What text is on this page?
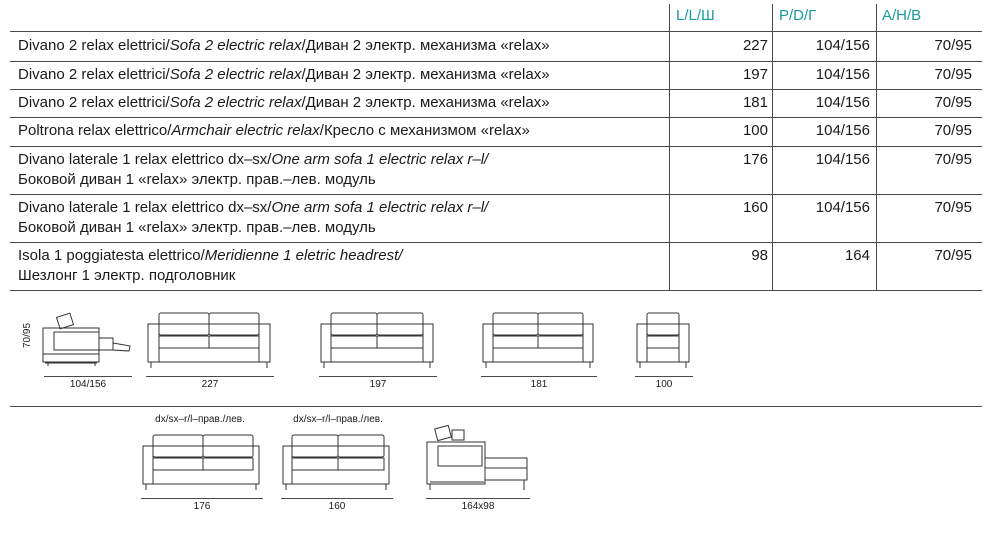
L/L/Ш	P/D/Г	A/H/B
Divano 2 relax elettrici/Sofa 2 electric relax/Диван 2 электр. механизма «relax»	227	104/156	70/95
Divano 2 relax elettrici/Sofa 2 electric relax/Диван 2 электр. механизма «relax»	197	104/156	70/95
Divano 2 relax elettrici/Sofa 2 electric relax/Диван 2 электр. механизма «relax»	181	104/156	70/95
Poltrona relax elettrico/Armchair electric relax/Кресло с механизмом «relax»	100	104/156	70/95
Divano laterale 1 relax elettrico dx–sx/One arm sofa 1 electric relax r–l/
Боковой диван 1 «relax» электр. прав.–лев. модуль
176	104/156	70/95
Divano laterale 1 relax elettrico dx–sx/One arm sofa 1 electric relax r–l/
Боковой диван 1 «relax» электр. прав.–лев. модуль
160	104/156	70/95
Isola 1 poggiatesta elettrico/Meridienne 1 eletric headrest/
Шезлонг 1 электр. подголовник
98	164	70/95
70/95
104/156	227	197	181	100
dx/sx–r/l–прав./лев.
176
dx/sx–r/l–прав./лев.
160	164x98
